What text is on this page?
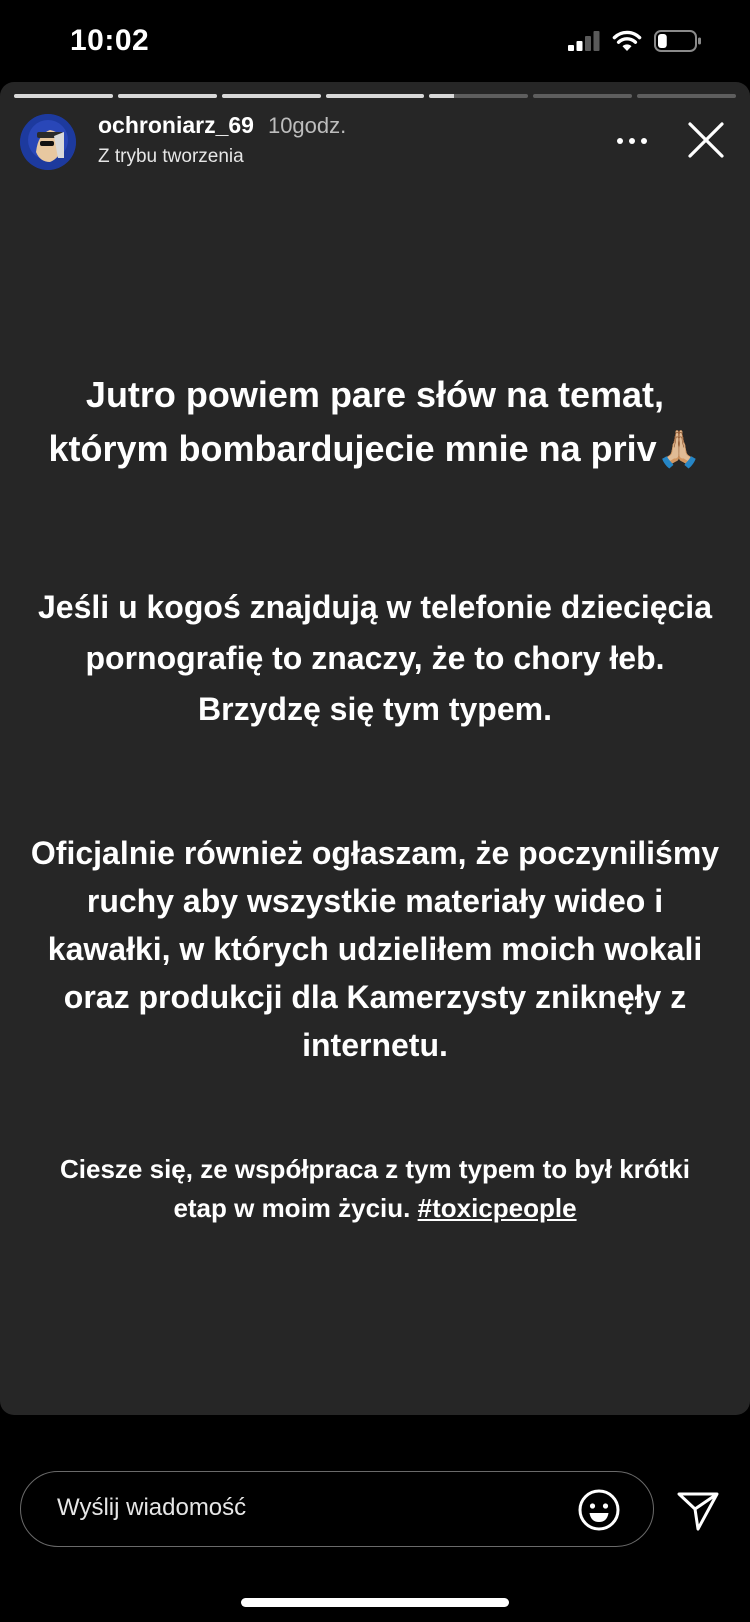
10:02
ochroniarz_69 10godz.
Z trybu tworzenia
Jutro powiem pare słów na temat, którym bombardujecie mnie na priv🙏🏼
Jeśli u kogoś znajdują w telefonie dziecięcia pornografię to znaczy, że to chory łeb. Brzydzę się tym typem.
Oficjalnie również ogłaszam, że poczyniliśmy ruchy aby wszystkie materiały wideo i kawałki, w których udzieliłem moich wokali oraz produkcji dla Kamerzysty zniknęły z internetu.
Ciesze się, ze współpraca z tym typem to był krótki etap w moim życiu. #toxicpeople
Wyślij wiadomość
